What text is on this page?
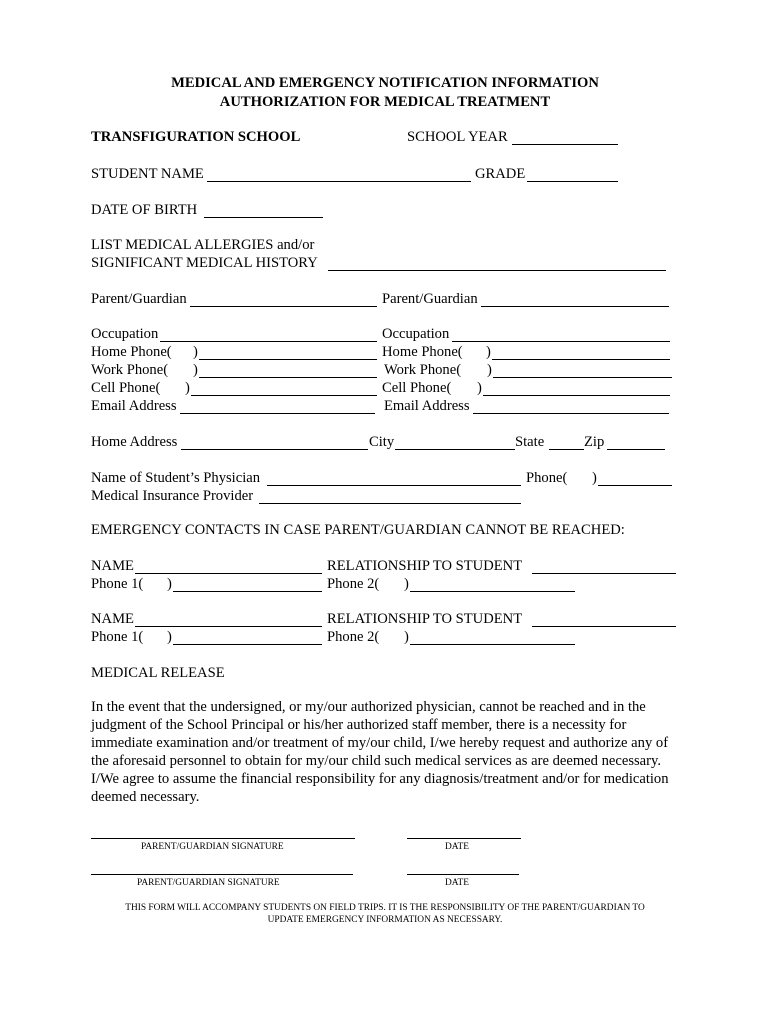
MEDICAL AND EMERGENCY NOTIFICATION INFORMATION
AUTHORIZATION FOR MEDICAL TREATMENT
TRANSFIGURATION SCHOOL	SCHOOL YEAR
STUDENT NAME	GRADE
DATE OF BIRTH
LIST MEDICAL ALLERGIES and/or
SIGNIFICANT MEDICAL HISTORY
Parent/Guardian	Parent/Guardian
Occupation	Occupation
Home Phone( )	Home Phone( )
Work Phone( )	Work Phone( )
Cell Phone( )	Cell Phone( )
Email Address	Email Address
Home Address	City	State	Zip
Name of Student’s Physician	Phone( )
Medical Insurance Provider
EMERGENCY CONTACTS IN CASE PARENT/GUARDIAN CANNOT BE REACHED:
NAME	RELATIONSHIP TO STUDENT
Phone 1( )	Phone 2( )
NAME	RELATIONSHIP TO STUDENT
Phone 1( )	Phone 2( )
MEDICAL RELEASE
In the event that the undersigned, or my/our authorized physician, cannot be reached and in the judgment of the School Principal or his/her authorized staff member, there is a necessity for immediate examination and/or treatment of my/our child, I/we hereby request and authorize any of the aforesaid personnel to obtain for my/our child such medical services as are deemed necessary. I/We agree to assume the financial responsibility for any diagnosis/treatment and/or for medication deemed necessary.
PARENT/GUARDIAN SIGNATURE	DATE
PARENT/GUARDIAN SIGNATURE	DATE
THIS FORM WILL ACCOMPANY STUDENTS ON FIELD TRIPS. IT IS THE RESPONSIBILITY OF THE PARENT/GUARDIAN TO
UPDATE EMERGENCY INFORMATION AS NECESSARY.
